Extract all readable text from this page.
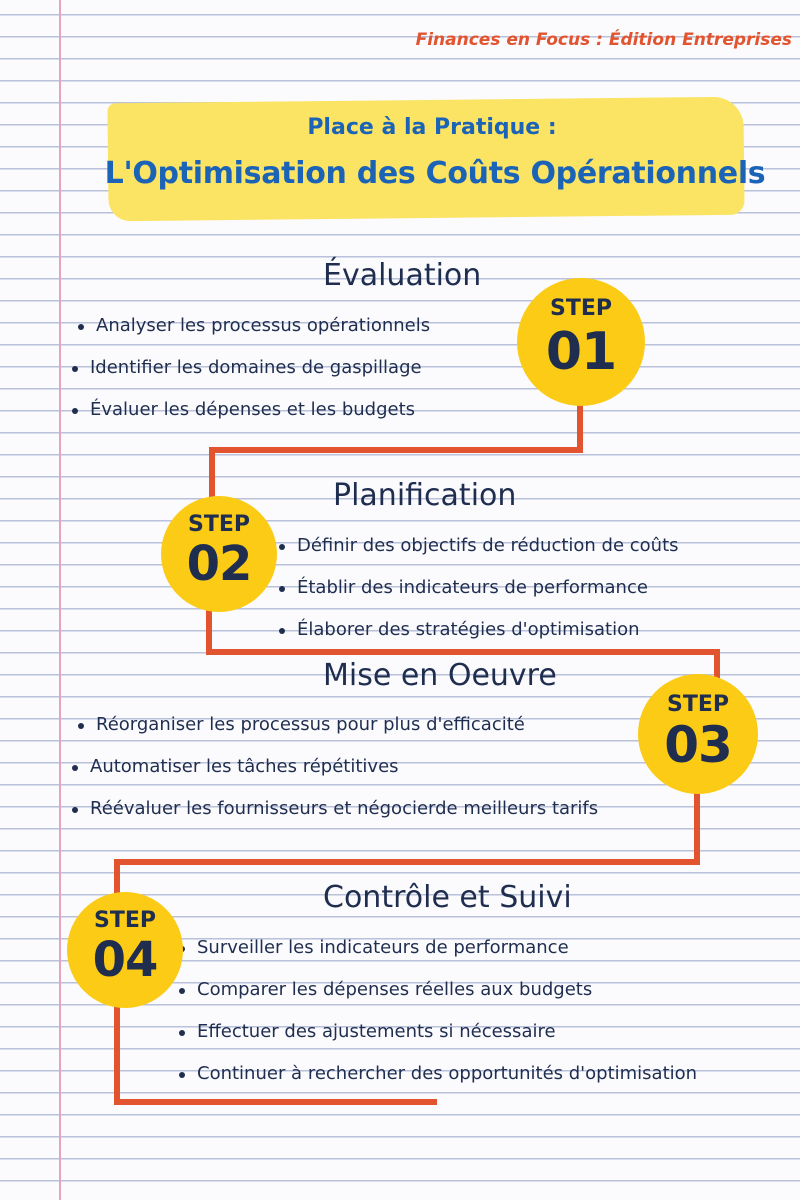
Finances en Focus : Édition Entreprises
Place à la Pratique :
L'Optimisation des Coûts Opérationnels
Évaluation
Analyser les processus opérationnels
Identifier les domaines de gaspillage
Évaluer les dépenses et les budgets
STEP
01
Planification
Définir des objectifs de réduction de coûts
Établir des indicateurs de performance
Élaborer des stratégies d'optimisation
STEP
02
Mise en Oeuvre
Réorganiser les processus pour plus d'efficacité
Automatiser les tâches répétitives
Réévaluer les fournisseurs et négocierde meilleurs tarifs
STEP
03
Contrôle et Suivi
Surveiller les indicateurs de performance
Comparer les dépenses réelles aux budgets
Effectuer des ajustements si nécessaire
Continuer à rechercher des opportunités d'optimisation
STEP
04
